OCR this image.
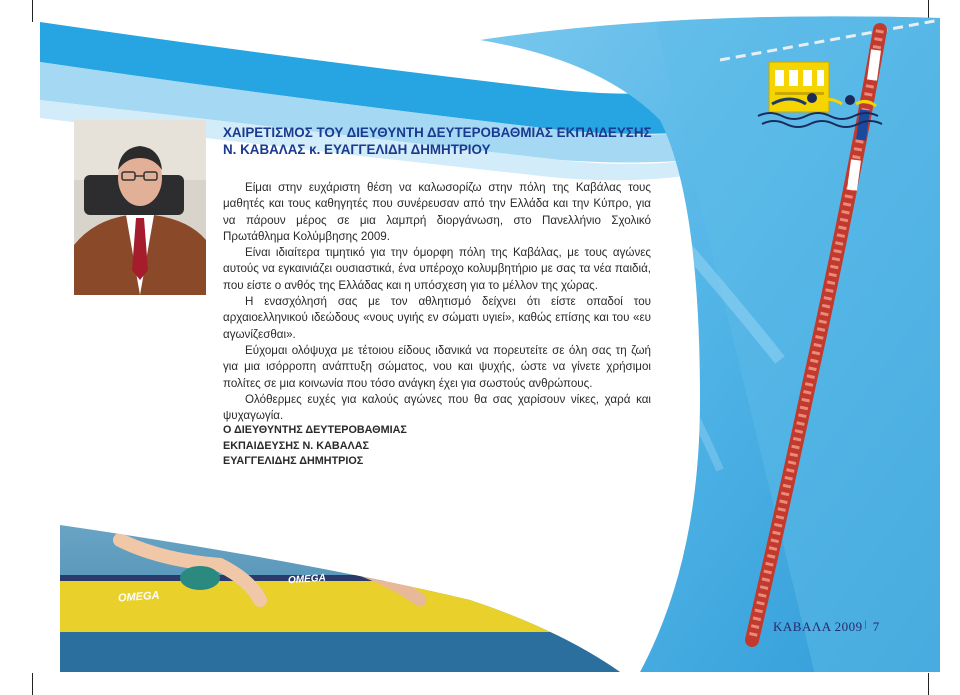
ΧΑΙΡΕΤΙΣΜΟΣ ΤΟΥ ΔΙΕΥΘΥΝΤΗ ΔΕΥΤΕΡΟΒΑΘΜΙΑΣ ΕΚΠΑΙΔΕΥΣΗΣ
Ν. ΚΑΒΑΛΑΣ κ. ΕΥΑΓΓΕΛΙΔΗ ΔΗΜΗΤΡΙΟΥ

Είμαι στην ευχάριστη θέση να καλωσορίζω στην πόλη της Καβάλας τους μαθητές και τους καθηγητές που συνέρευσαν από την Ελλάδα και την Κύπρο, για να πάρουν μέρος σε μια λαμπρή διοργάνωση, στο Πανελλήνιο Σχολικό Πρωτάθλημα Κολύμβησης 2009.

Είναι ιδιαίτερα τιμητικό για την όμορφη πόλη της Καβάλας, με τους αγώνες αυτούς να εγκαινιάζει ουσιαστικά, ένα υπέροχο κολυμβητήριο με σας τα νέα παιδιά, που είστε ο ανθός της Ελλάδας και η υπόσχεση για το μέλλον της χώρας.

Η ενασχόλησή σας με τον αθλητισμό δείχνει ότι είστε οπαδοί του αρχαιοελληνικού ιδεώδους «νους υγιής εν σώματι υγιεί», καθώς επίσης και του «ευ αγωνίζεσθαι».

Εύχομαι ολόψυχα με τέτοιου είδους ιδανικά να πορευτείτε σε όλη σας τη ζωή για μια ισόρροπη ανάπτυξη σώματος, νου και ψυχής, ώστε να γίνετε χρήσιμοι πολίτες σε μια κοινωνία που τόσο ανάγκη έχει για σωστούς ανθρώπους.

Ολόθερμες ευχές για καλούς αγώνες που θα σας χαρίσουν νίκες, χαρά και ψυχαγωγία.

Ο ΔΙΕΥΘΥΝΤΗΣ ΔΕΥΤΕΡΟΒΑΘΜΙΑΣ
ΕΚΠΑΙΔΕΥΣΗΣ Ν. ΚΑΒΑΛΑΣ
ΕΥΑΓΓΕΛΙΔΗΣ ΔΗΜΗΤΡΙΟΣ
OMEGA
OMEGA
ΚΑΒΑΛΑ 2009 | 7
